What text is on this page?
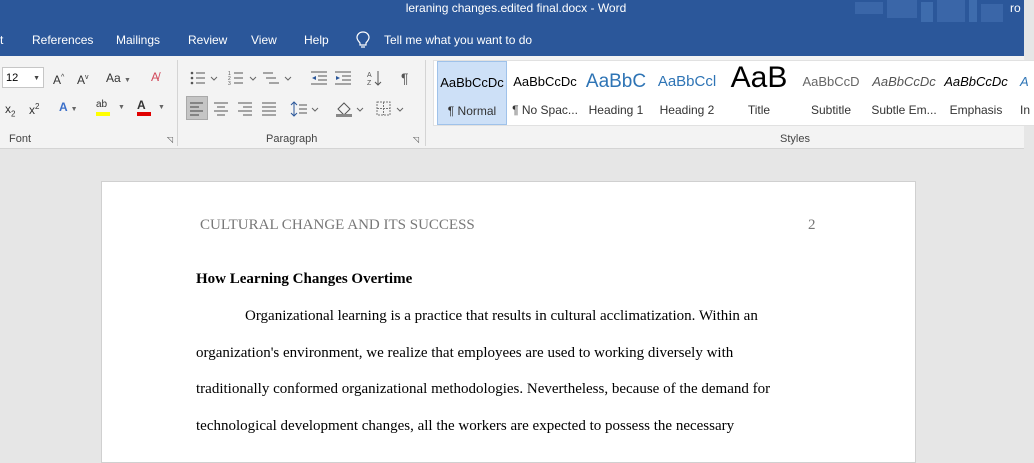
leraning changes.edited final.docx - Word	ro
t References Mailings Review View Help	Tell me what you want to do
12 ▼ A^ $A^v$ Aa ▼ A̸
$x_2$ $x^2$ A ▼ ab	▼ A	▼
Font	◹
1
2
3
A
Z ¶
Paragraph	◹
AaBbCcDc
¶ Normal
AaBbCcDc
¶ No Spac...
AaBbC
Heading 1
AaBbCcl
Heading 2
AaB
Title
AaBbCcD
Subtitle
AaBbCcDc
Subtle Em...
AaBbCcDc
Emphasis
A
In
Styles
CULTURAL CHANGE AND ITS SUCCESS	2
How Learning Changes Overtime
Organizational learning is a practice that results in cultural acclimatization. Within an
organization's environment, we realize that employees are used to working diversely with
traditionally conformed organizational methodologies. Nevertheless, because of the demand for
technological development changes, all the workers are expected to possess the necessary
